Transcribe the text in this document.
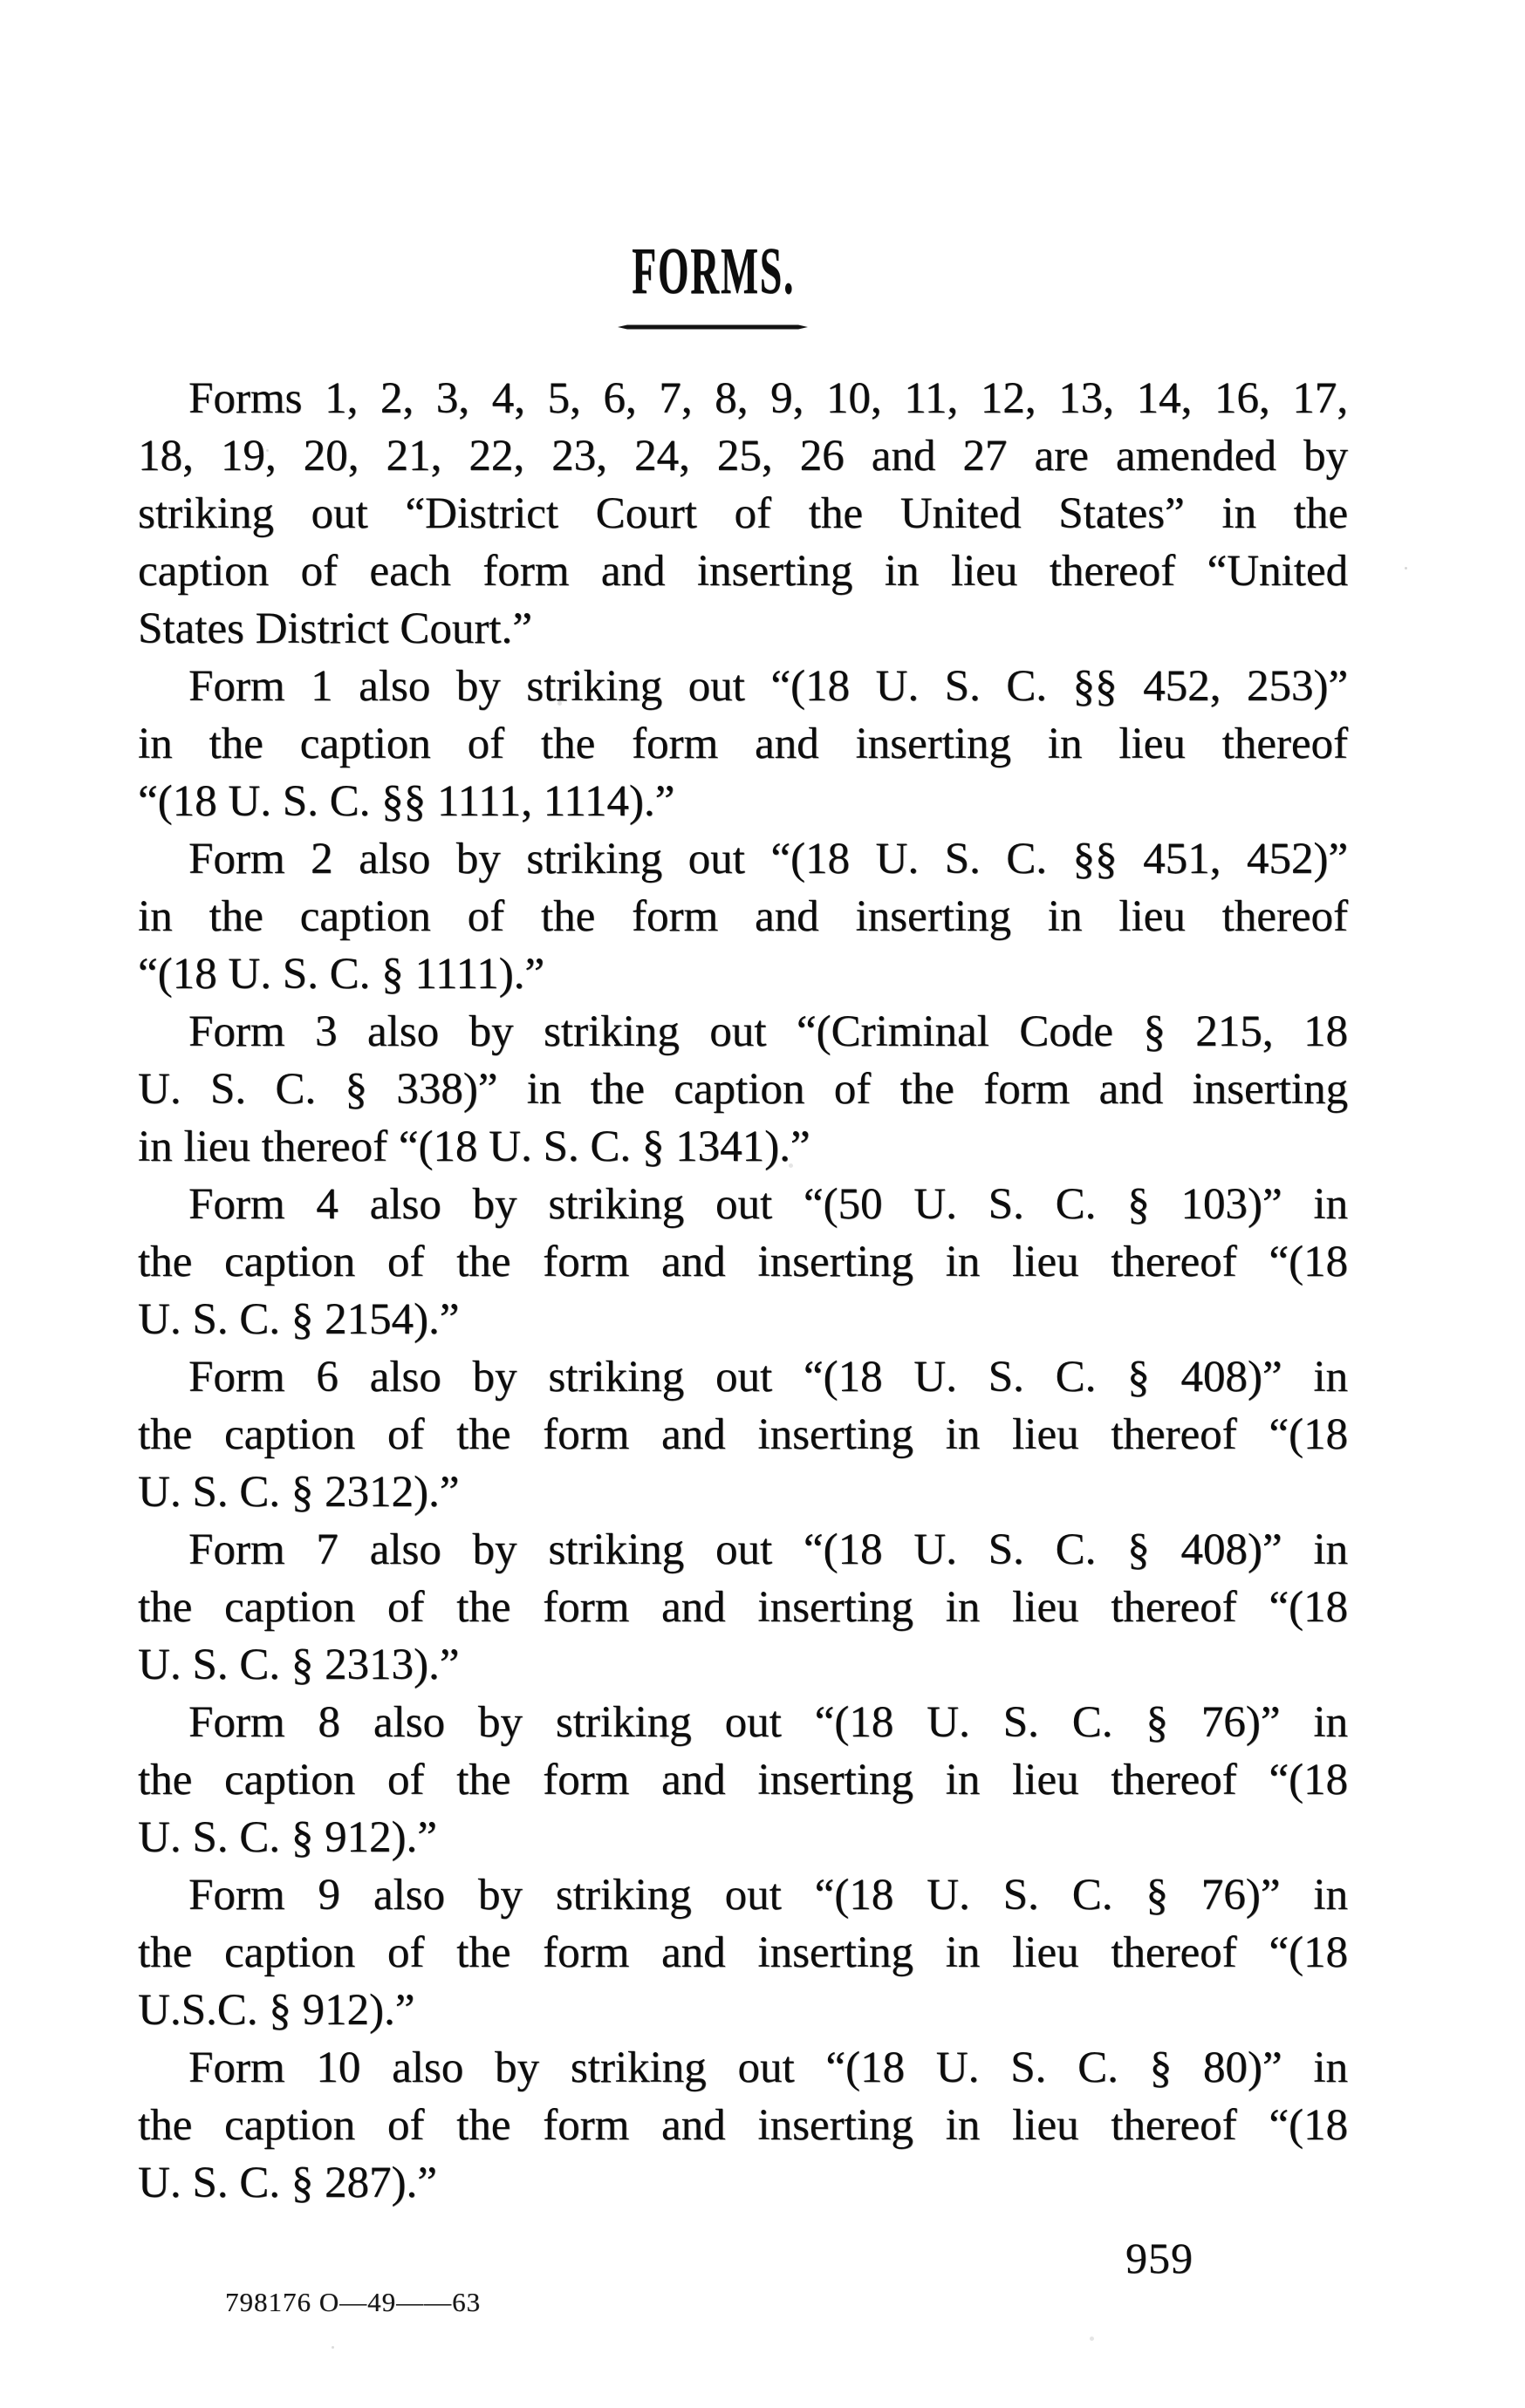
FORMS.
Forms 1, 2, 3, 4, 5, 6, 7, 8, 9, 10, 11, 12, 13, 14, 16, 17,
18, 19, 20, 21, 22, 23, 24, 25, 26 and 27 are amended by
striking out “District Court of the United States” in the
caption of each form and inserting in lieu thereof “United
States District Court.”
Form 1 also by striking out “(18 U. S. C. §§ 452, 253)”
in the caption of the form and inserting in lieu thereof
“(18 U. S. C. §§ 1111, 1114).”
Form 2 also by striking out “(18 U. S. C. §§ 451, 452)”
in the caption of the form and inserting in lieu thereof
“(18 U. S. C. § 1111).”
Form 3 also by striking out “(Criminal Code § 215, 18
U. S. C. § 338)” in the caption of the form and inserting
in lieu thereof “(18 U. S. C. § 1341).”
Form 4 also by striking out “(50 U. S. C. § 103)” in
the caption of the form and inserting in lieu thereof “(18
U. S. C. § 2154).”
Form 6 also by striking out “(18 U. S. C. § 408)” in
the caption of the form and inserting in lieu thereof “(18
U. S. C. § 2312).”
Form 7 also by striking out “(18 U. S. C. § 408)” in
the caption of the form and inserting in lieu thereof “(18
U. S. C. § 2313).”
Form 8 also by striking out “(18 U. S. C. § 76)” in
the caption of the form and inserting in lieu thereof “(18
U. S. C. § 912).”
Form 9 also by striking out “(18 U. S. C. § 76)” in
the caption of the form and inserting in lieu thereof “(18
U.S.C. § 912).”
Form 10 also by striking out “(18 U. S. C. § 80)” in
the caption of the form and inserting in lieu thereof “(18
U. S. C. § 287).”
959
798176 O—49——63
